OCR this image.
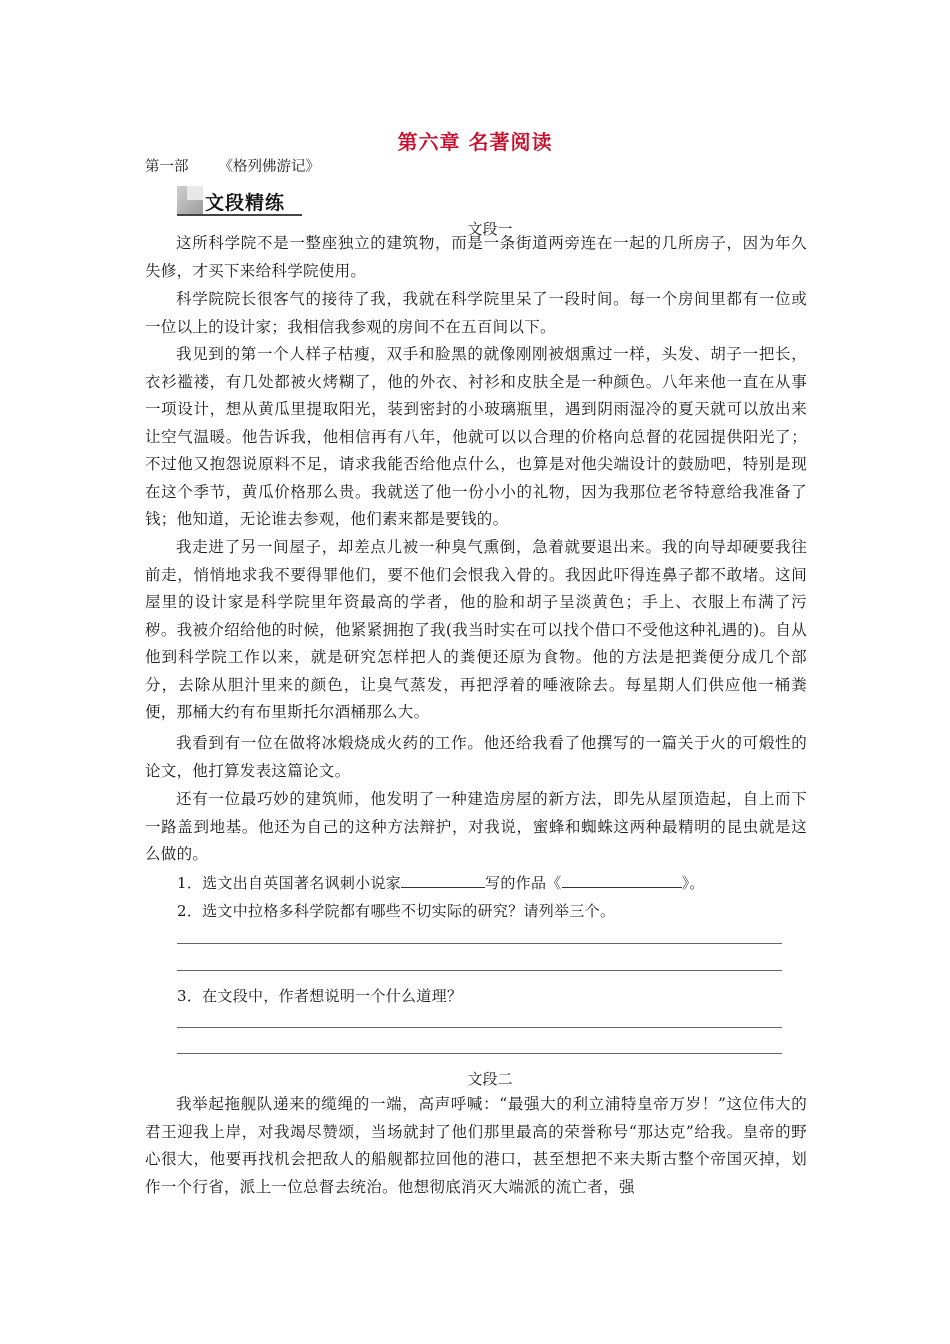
第六章 名著阅读
第一部 《格列佛游记》
文段精练
文段一

这所科学院不是一整座独立的建筑物，而是一条街道两旁连在一起的几所房子，因为年久失修，才买下来给科学院使用。

科学院院长很客气的接待了我，我就在科学院里呆了一段时间。每一个房间里都有一位或一位以上的设计家；我相信我参观的房间不在五百间以下。

我见到的第一个人样子枯瘦，双手和脸黑的就像刚刚被烟熏过一样，头发、胡子一把长，衣衫褴褛，有几处都被火烤糊了，他的外衣、衬衫和皮肤全是一种颜色。八年来他一直在从事一项设计，想从黄瓜里提取阳光，装到密封的小玻璃瓶里，遇到阴雨湿冷的夏天就可以放出来让空气温暖。他告诉我，他相信再有八年，他就可以以合理的价格向总督的花园提供阳光了；不过他又抱怨说原料不足，请求我能否给他点什么，也算是对他尖端设计的鼓励吧，特别是现在这个季节，黄瓜价格那么贵。我就送了他一份小小的礼物，因为我那位老爷特意给我准备了钱；他知道，无论谁去参观，他们素来都是要钱的。

我走进了另一间屋子，却差点儿被一种臭气熏倒，急着就要退出来。我的向导却硬要我往前走，悄悄地求我不要得罪他们，要不他们会恨我入骨的。我因此吓得连鼻子都不敢堵。这间屋里的设计家是科学院里年资最高的学者，他的脸和胡子呈淡黄色；手上、衣服上布满了污秽。我被介绍给他的时候，他紧紧拥抱了我(我当时实在可以找个借口不受他这种礼遇的)。自从他到科学院工作以来，就是研究怎样把人的粪便还原为食物。他的方法是把粪便分成几个部分，去除从胆汁里来的颜色，让臭气蒸发，再把浮着的唾液除去。每星期人们供应他一桶粪便，那桶大约有布里斯托尔酒桶那么大。

我看到有一位在做将冰煅烧成火药的工作。他还给我看了他撰写的一篇关于火的可煅性的论文，他打算发表这篇论文。

还有一位最巧妙的建筑师，他发明了一种建造房屋的新方法，即先从屋顶造起，自上而下一路盖到地基。他还为自己的这种方法辩护，对我说，蜜蜂和蜘蛛这两种最精明的昆虫就是这么做的。

1．选文出自英国著名讽刺小说家	写的作品《	》。

2．选文中拉格多科学院都有哪些不切实际的研究？请列举三个。

3．在文段中，作者想说明一个什么道理？

文段二

我举起拖舰队递来的缆绳的一端，高声呼喊：“最强大的利立浦特皇帝万岁！”这位伟大的君王迎我上岸，对我竭尽赞颂，当场就封了他们那里最高的荣誉称号“那达克”给我。皇帝的野心很大，他要再找机会把敌人的船舰都拉回他的港口，甚至想把不来夫斯古整个帝国灭掉，划作一个行省，派上一位总督去统治。他想彻底消灭大端派的流亡者，强
